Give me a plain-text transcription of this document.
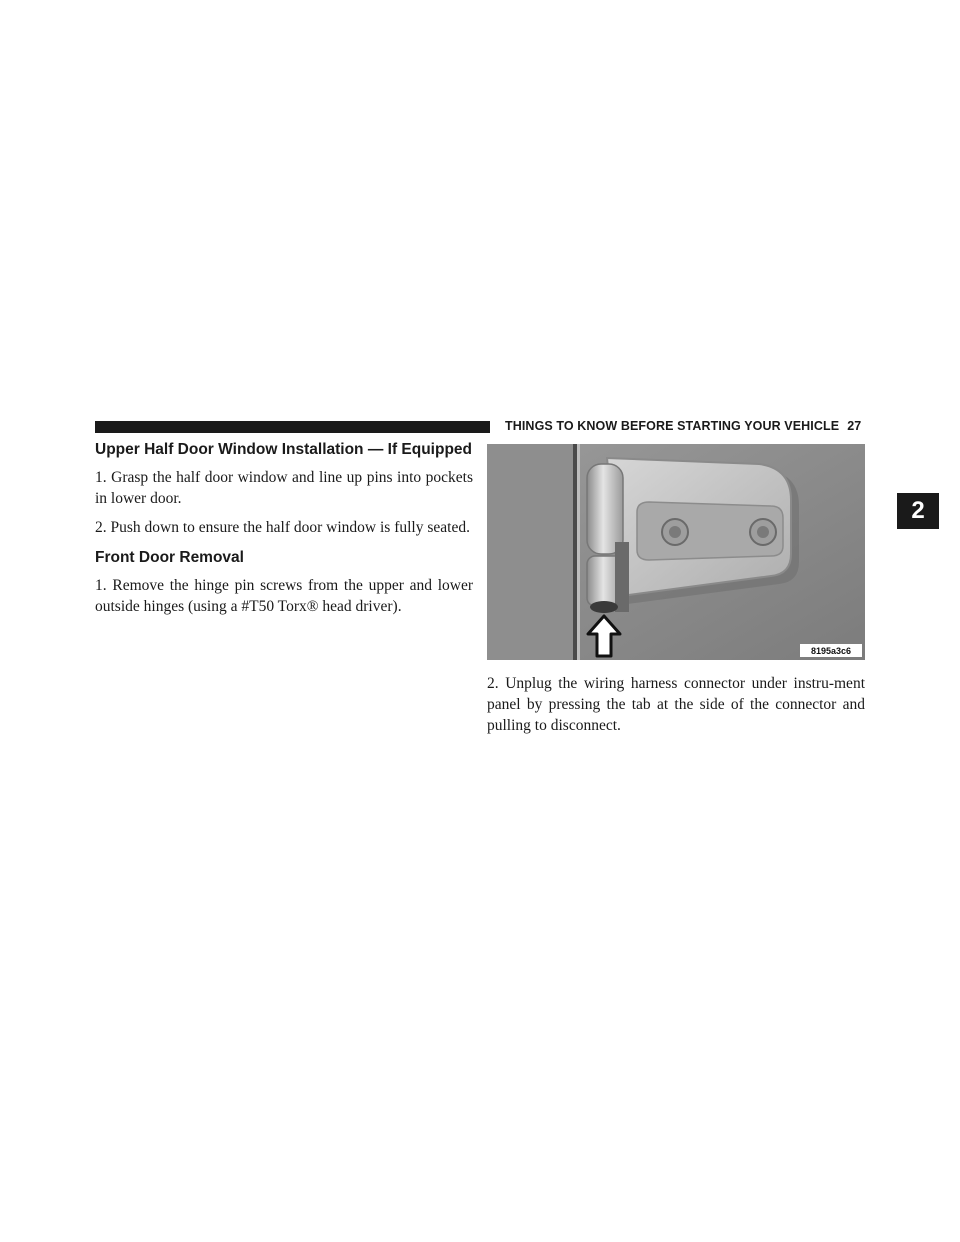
THINGS TO KNOW BEFORE STARTING YOUR VEHICLE 27
2
Upper Half Door Window Installation — If Equipped

1. Grasp the half door window and line up pins into pockets in lower door.

2. Push down to ensure the half door window is fully seated.

Front Door Removal

1. Remove the hinge pin screws from the upper and lower outside hinges (using a #T50 Torx® head driver).

8195a3c6

2. Unplug the wiring harness connector under instru-ment panel by pressing the tab at the side of the connector and pulling to disconnect.
